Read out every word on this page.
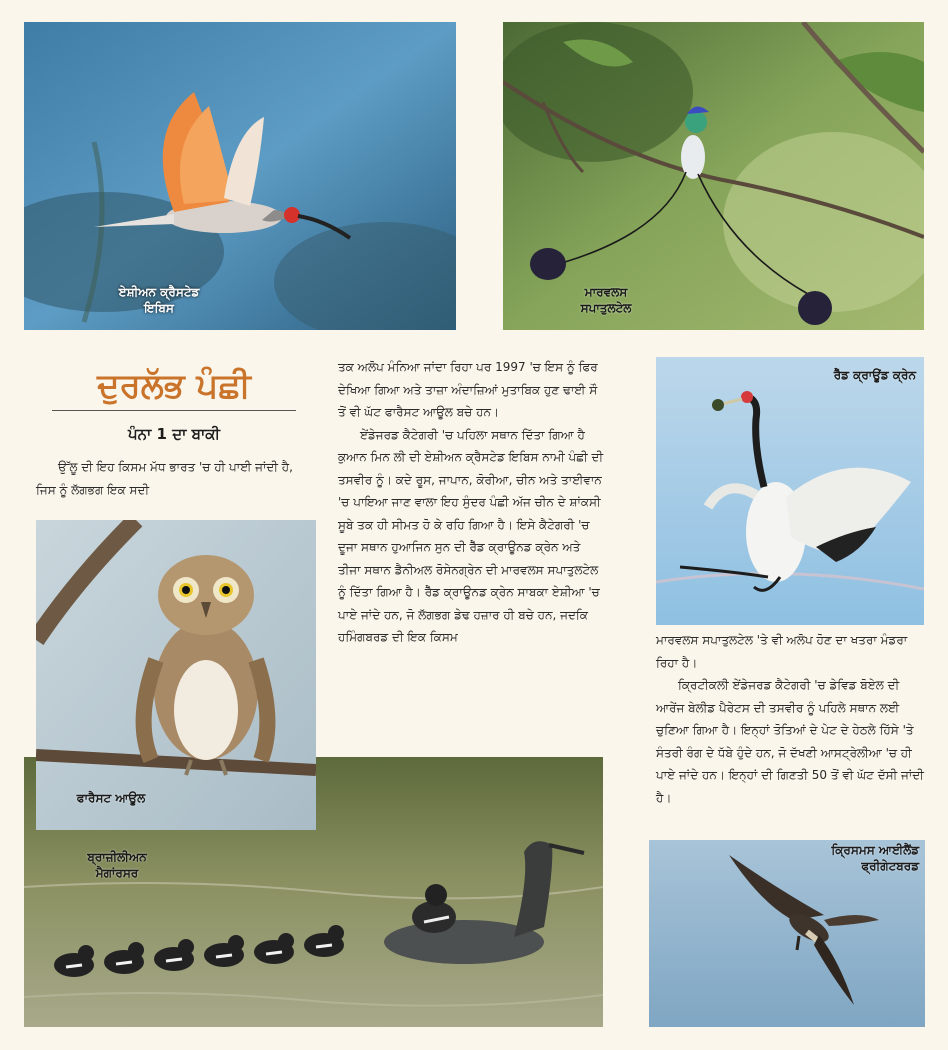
ਏਸ਼ੀਅਨ ਕ੍ਰੈਸਟੇਡ
ਇਬਿਸ
ਮਾਰਵਲਸ
ਸਪਾਤੁਲਟੇਲ
ਦੁਰਲੱਭ ਪੰਛੀ
ਪੰਨਾ 1 ਦਾ ਬਾਕੀ

ਉੱਲੂ ਦੀ ਇਹ ਕਿਸਮ ਮੱਧ ਭਾਰਤ 'ਚ ਹੀ ਪਾਈ ਜਾਂਦੀ ਹੈ, ਜਿਸ ਨੂੰ ਲੱਗਭਗ ਇਕ ਸਦੀ

ਤਕ ਅਲੋਪ ਮੰਨਿਆ ਜਾਂਦਾ ਰਿਹਾ ਪਰ 1997 'ਚ ਇਸ ਨੂੰ ਫਿਰ ਦੇਖਿਆ ਗਿਆ ਅਤੇ ਤਾਜ਼ਾ ਅੰਦਾਜ਼ਿਆਂ ਮੁਤਾਬਿਕ ਹੁਣ ਢਾਈ ਸੌ ਤੋਂ ਵੀ ਘੱਟ ਫਾਰੈਸਟ ਆਊਲ ਬਚੇ ਹਨ।

ਏਂਡੇਜਰਡ ਕੈਟੇਗਰੀ 'ਚ ਪਹਿਲਾ ਸਥਾਨ ਦਿੱਤਾ ਗਿਆ ਹੈ ਕੁਆਨ ਮਿਨ ਲੀ ਦੀ ਏਸ਼ੀਅਨ ਕ੍ਰੈਸਟੇਡ ਇਬਿਸ ਨਾਮੀ ਪੰਛੀ ਦੀ ਤਸਵੀਰ ਨੂੰ। ਕਦੇ ਰੂਸ, ਜਾਪਾਨ, ਕੋਰੀਆ, ਚੀਨ ਅਤੇ ਤਾਈਵਾਨ 'ਚ ਪਾਇਆ ਜਾਣ ਵਾਲਾ ਇਹ ਸੁੰਦਰ ਪੰਛੀ ਅੱਜ ਚੀਨ ਦੇ ਸ਼ਾਂਕਸੀ ਸੂਬੇ ਤਕ ਹੀ ਸੀਮਤ ਹੋ ਕੇ ਰਹਿ ਗਿਆ ਹੈ। ਇਸੇ ਕੈਟੇਗਰੀ 'ਚ ਦੂਜਾ ਸਥਾਨ ਹੁਆਜਿਨ ਸੁਨ ਦੀ ਰੈੱਡ ਕ੍ਰਾਊਨਡ ਕ੍ਰੇਨ ਅਤੇ ਤੀਜਾ ਸਥਾਨ ਡੈਨੀਅਲ ਰੋਸੇਨਗ੍ਰੇਨ ਦੀ ਮਾਰਵਲਸ ਸਪਾਤੁਲਟੇਲ ਨੂੰ ਦਿੱਤਾ ਗਿਆ ਹੈ। ਰੈੱਡ ਕ੍ਰਾਊਨਡ ਕ੍ਰੇਨ ਸਾਬਕਾ ਏਸ਼ੀਆ 'ਚ ਪਾਏ ਜਾਂਦੇ ਹਨ, ਜੋ ਲੱਗਭਗ ਡੇਢ ਹਜ਼ਾਰ ਹੀ ਬਚੇ ਹਨ, ਜਦਕਿ ਹਮਿੰਗਬਰਡ ਦੀ ਇਕ ਕਿਸਮ

ਰੈੱਡ ਕ੍ਰਾਊਂਡ ਕ੍ਰੇਨ

ਮਾਰਵਲਸ ਸਪਾਤੁਲਟੇਲ 'ਤੇ ਵੀ ਅਲੋਪ ਹੋਣ ਦਾ ਖਤਰਾ ਮੰਡਰਾ ਰਿਹਾ ਹੈ।

ਕ੍ਰਿਟੀਕਲੀ ਏਂਡੇਜਰਡ ਕੈਟੇਗਰੀ 'ਚ ਡੇਵਿਡ ਬੋਏਲ ਦੀ ਆਰੇਂਜ ਬੇਲੀਡ ਪੈਰੇਟਸ ਦੀ ਤਸਵੀਰ ਨੂੰ ਪਹਿਲੇ ਸਥਾਨ ਲਈ ਚੁਣਿਆ ਗਿਆ ਹੈ। ਇਨ੍ਹਾਂ ਤੋਤਿਆਂ ਦੇ ਪੇਟ ਦੇ ਹੇਠਲੇ ਹਿੱਸੇ 'ਤੇ ਸੰਤਰੀ ਰੰਗ ਦੇ ਧੱਬੇ ਹੁੰਦੇ ਹਨ, ਜੋ ਦੱਖਣੀ ਆਸਟ੍ਰੇਲੀਆ 'ਚ ਹੀ ਪਾਏ ਜਾਂਦੇ ਹਨ। ਇਨ੍ਹਾਂ ਦੀ ਗਿਣਤੀ 50 ਤੋਂ ਵੀ ਘੱਟ ਦੱਸੀ ਜਾਂਦੀ ਹੈ।

ਬ੍ਰਾਜ਼ੀਲੀਅਨ
ਮੈਗਾਂਰਸਰ
ਫਾਰੈਸਟ ਆਊਲ
ਕ੍ਰਿਸਮਸ ਆਈਲੈਂਡ
ਫ੍ਰੀਗੇਟਬਰਡ
